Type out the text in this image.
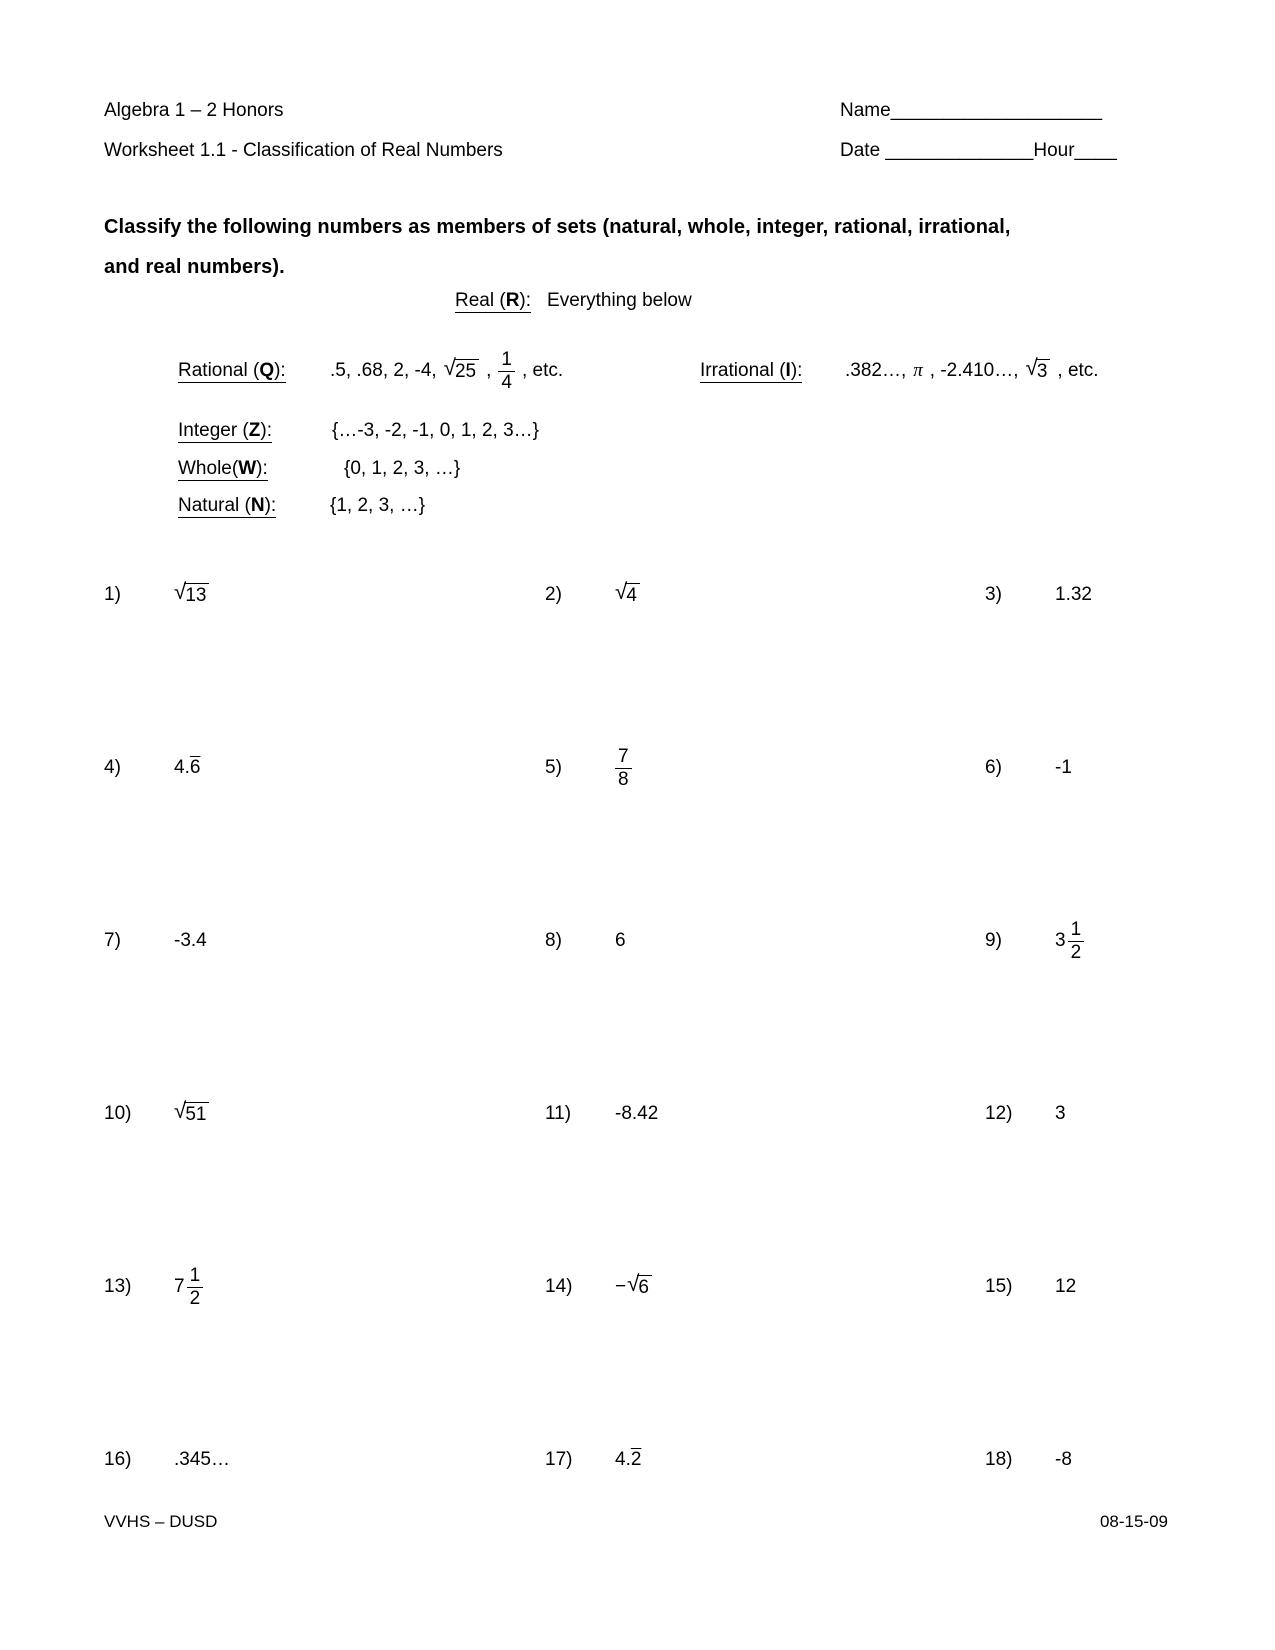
Algebra 1 – 2 Honors	Name____________________
Worksheet 1.1 - Classification of Real Numbers	Date ______________Hour____
Classify the following numbers as members of sets (natural, whole, integer, rational, irrational,
and real numbers).
Real (R): Everything below
Rational (Q): .5, .68, 2, -4, √ 25 , $\frac{1}{4}$ , etc.	Irrational (I): .382…, π , -2.410…, √ 3 , etc.
Integer (Z):	{…-3, -2, -1, 0, 1, 2, 3…}
Whole(W):	{0, 1, 2, 3, …}
Natural (N):	{1, 2, 3, …}
1)	√ 13	2)	√ 4	3)	1.32
4)	4. 6	5)	$\frac{7}{8}$	6)	-1
7)	-3.4	8)	6	9)	$3 \frac{1}{2}$
10)	√ 51	11)	-8.42	12)	3
13)	$7 \frac{1}{2}$	14)	− √ 6	15)	12
16)	.345…	17)	4. 2	18)	-8
VVHS – DUSD	08-15-09
